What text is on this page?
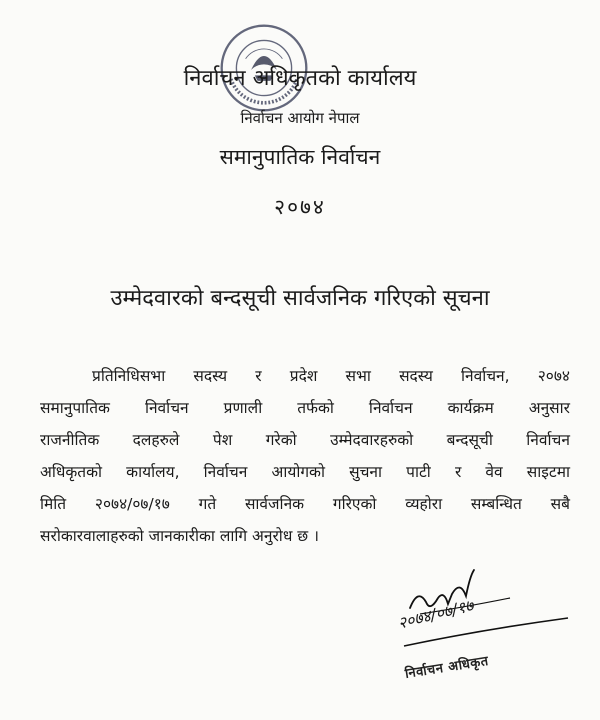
निर्वाचन अधिकृतको कार्यालय
निर्वाचन आयोग नेपाल
समानुपातिक निर्वाचन
२०७४
उम्मेदवारको बन्दसूची सार्वजनिक गरिएको सूचना
प्रतिनिधिसभा सदस्य र प्रदेश सभा सदस्य निर्वाचन, २०७४
समानुपातिक निर्वाचन प्रणाली तर्फको निर्वाचन कार्यक्रम अनुसार
राजनीतिक दलहरुले पेश गरेको उम्मेदवारहरुको बन्दसूची निर्वाचन
अधिकृतको कार्यालय, निर्वाचन आयोगको सुचना पाटी र वेव साइटमा
मिति २०७४/०७/१७ गते सार्वजनिक गरिएको व्यहोरा सम्बन्धित सबै
सरोकारवालाहरुको जानकारीका लागि अनुरोध छ ।
२०७४/०७/१७
निर्वाचन अधिकृत
